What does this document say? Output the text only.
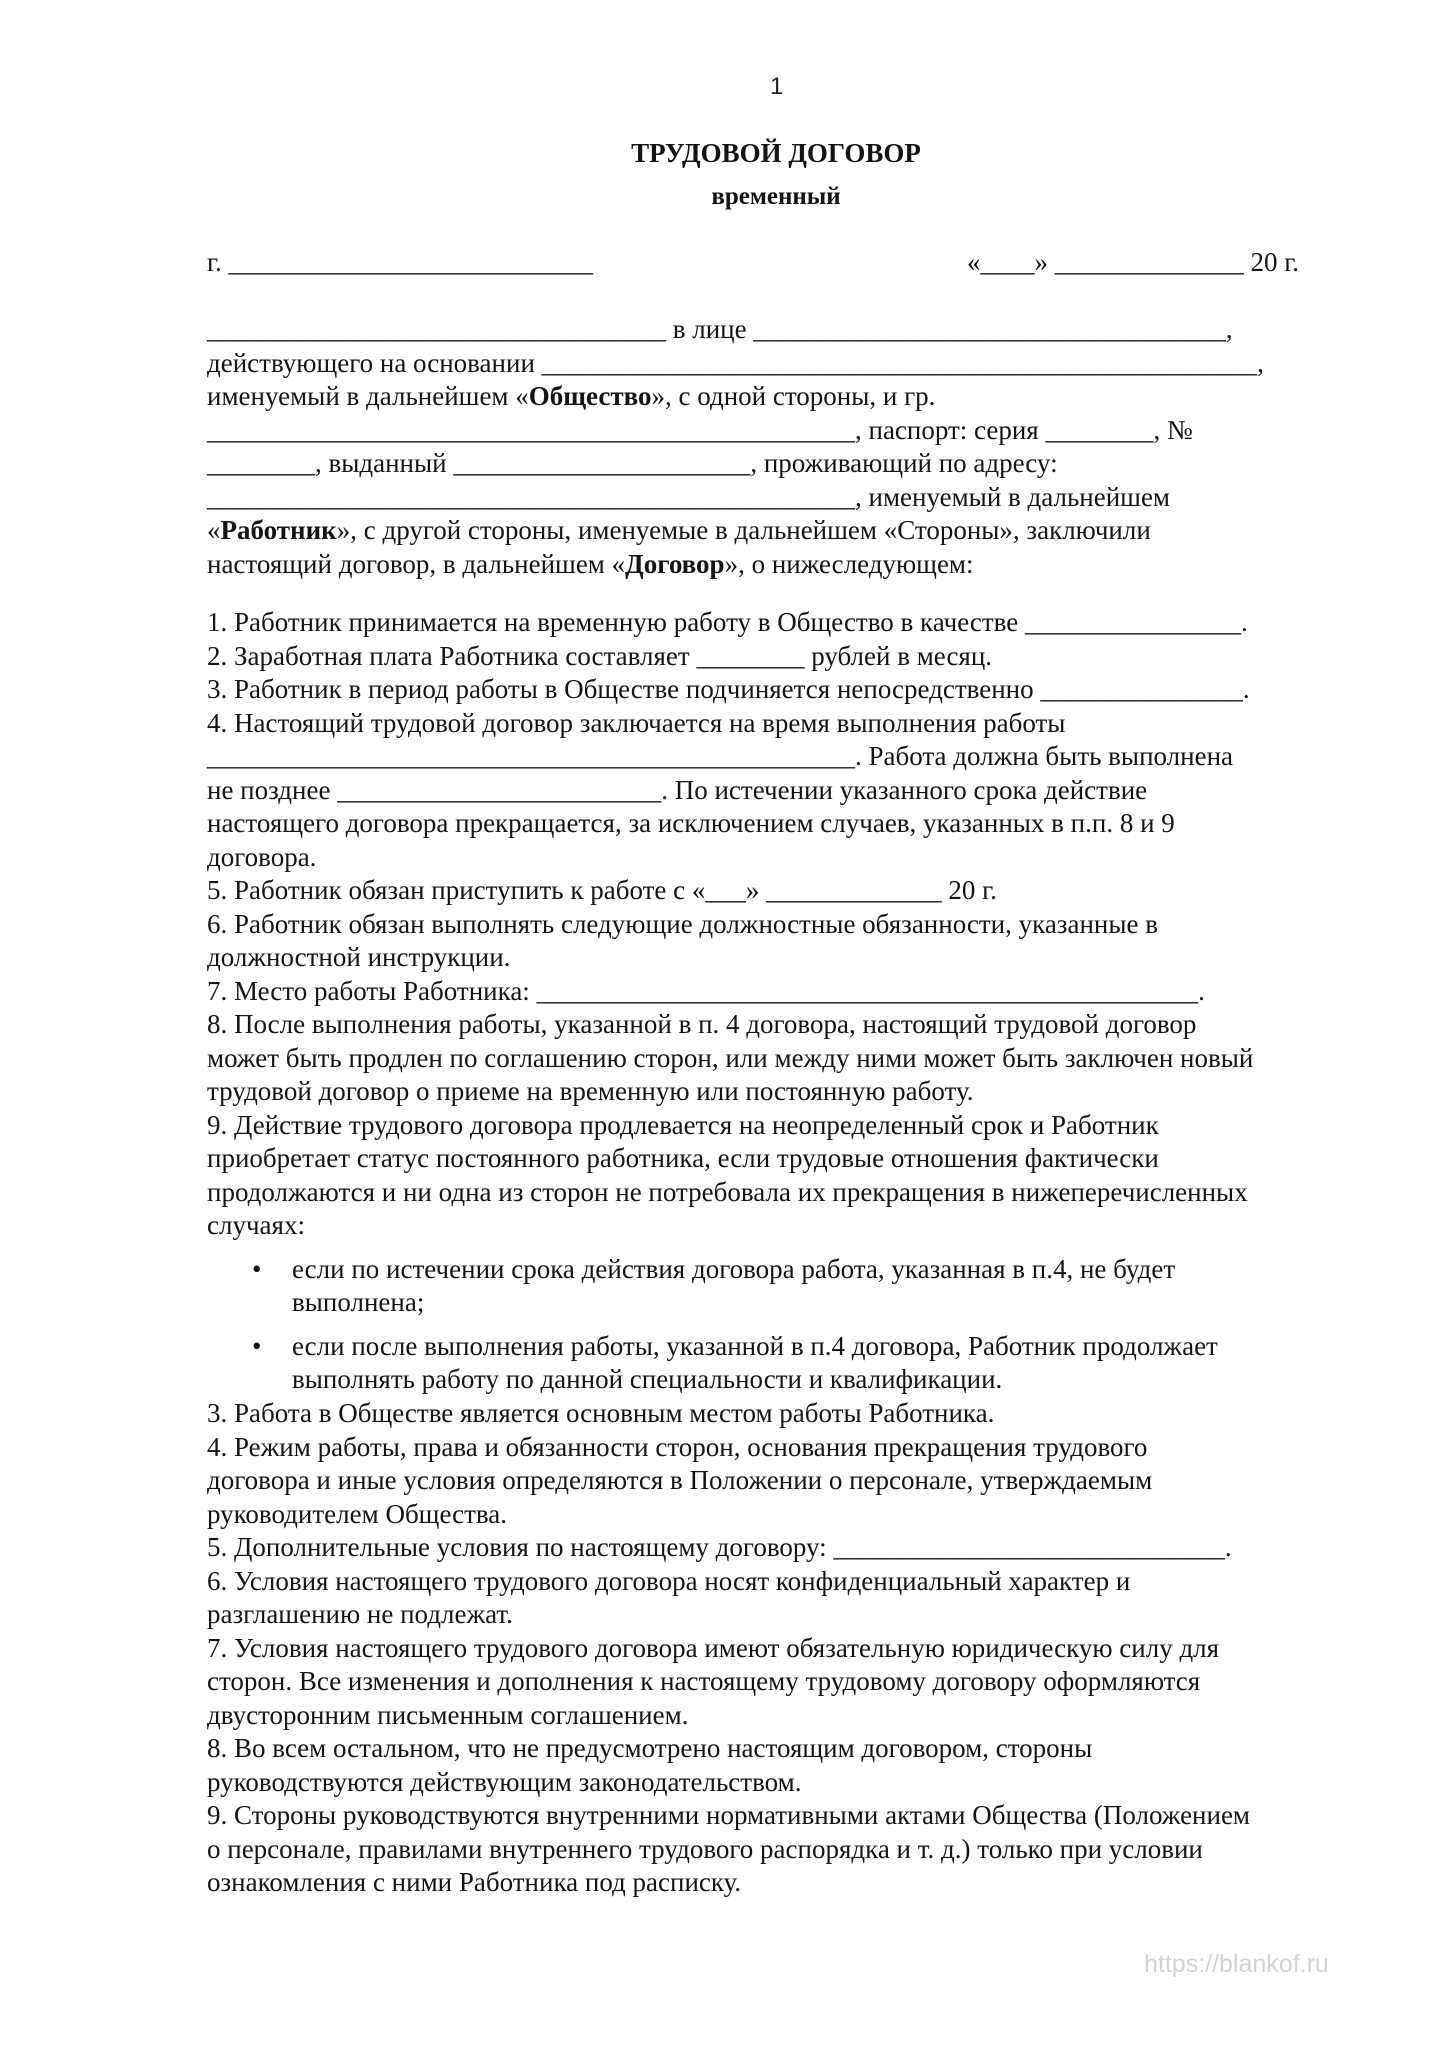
1
ТРУДОВОЙ ДОГОВОР
временный
г. ___________________________	«____» ______________ 20 г.
__________________________________ в лице ___________________________________,
действующего на основании _____________________________________________________,
именуемый в дальнейшем «Общество», с одной стороны, и гр.
________________________________________________, паспорт: серия ________, №
________, выданный ______________________, проживающий по адресу:
________________________________________________, именуемый в дальнейшем
«Работник», с другой стороны, именуемые в дальнейшем «Стороны», заключили
настоящий договор, в дальнейшем «Договор», о нижеследующем:
1. Работник принимается на временную работу в Общество в качестве ________________.
2. Заработная плата Работника составляет ________ рублей в месяц.
3. Работник в период работы в Обществе подчиняется непосредственно _______________.
4. Настоящий трудовой договор заключается на время выполнения работы
________________________________________________. Работа должна быть выполнена
не позднее ________________________. По истечении указанного срока действие
настоящего договора прекращается, за исключением случаев, указанных в п.п. 8 и 9
договора.
5. Работник обязан приступить к работе с «___» _____________ 20 г.
6. Работник обязан выполнять следующие должностные обязанности, указанные в
должностной инструкции.
7. Место работы Работника: _________________________________________________.
8. После выполнения работы, указанной в п. 4 договора, настоящий трудовой договор
может быть продлен по соглашению сторон, или между ними может быть заключен новый
трудовой договор о приеме на временную или постоянную работу.
9. Действие трудового договора продлевается на неопределенный срок и Работник
приобретает статус постоянного работника, если трудовые отношения фактически
продолжаются и ни одна из сторон не потребовала их прекращения в нижеперечисленных
случаях:
• если по истечении срока действия договора работа, указанная в п.4, не будет
выполнена;
• если после выполнения работы, указанной в п.4 договора, Работник продолжает
выполнять работу по данной специальности и квалификации.
3. Работа в Обществе является основным местом работы Работника.
4. Режим работы, права и обязанности сторон, основания прекращения трудового
договора и иные условия определяются в Положении о персонале, утверждаемым
руководителем Общества.
5. Дополнительные условия по настоящему договору: _____________________________.
6. Условия настоящего трудового договора носят конфиденциальный характер и
разглашению не подлежат.
7. Условия настоящего трудового договора имеют обязательную юридическую силу для
сторон. Все изменения и дополнения к настоящему трудовому договору оформляются
двусторонним письменным соглашением.
8. Во всем остальном, что не предусмотрено настоящим договором, стороны
руководствуются действующим законодательством.
9. Стороны руководствуются внутренними нормативными актами Общества (Положением
о персонале, правилами внутреннего трудового распорядка и т. д.) только при условии
ознакомления с ними Работника под расписку.
https://blankof.ru
